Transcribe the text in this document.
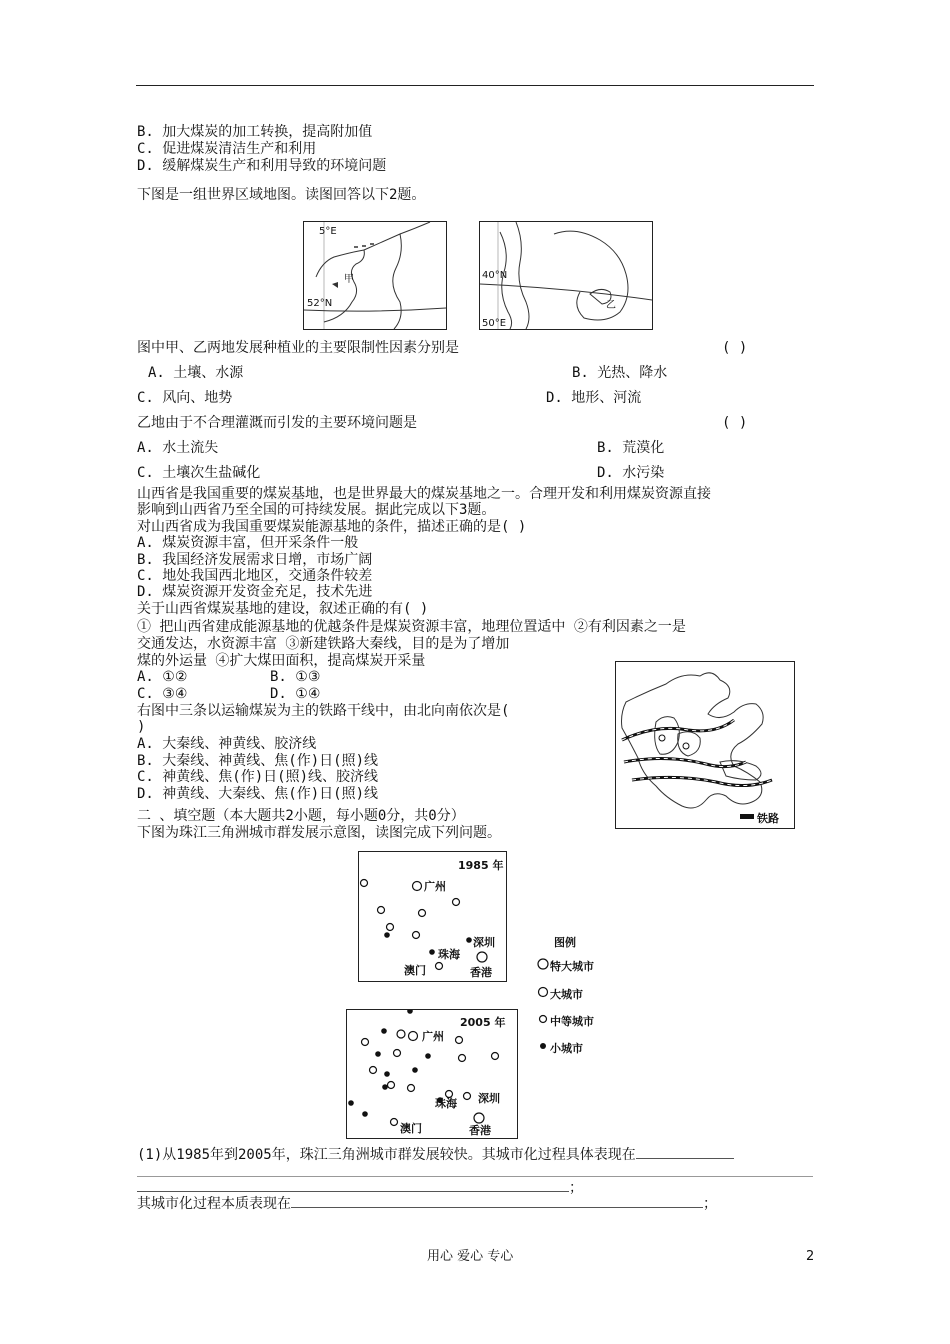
B. 加大煤炭的加工转换，提高附加值
C. 促进煤炭清洁生产和利用
D. 缓解煤炭生产和利用导致的环境问题
下图是一组世界区域地图。读图回答以下2题。
5°E
甲
52°N
40°N
乙
50°E
图中甲、乙两地发展种植业的主要限制性因素分别是	( )
A. 土壤、水源	B. 光热、降水
C. 风向、地势	D. 地形、河流
乙地由于不合理灌溉而引发的主要环境问题是	( )
A. 水土流失	B. 荒漠化
C. 土壤次生盐碱化	D. 水污染
山西省是我国重要的煤炭基地，也是世界最大的煤炭基地之一。合理开发和利用煤炭资源直接
影响到山西省乃至全国的可持续发展。据此完成以下3题。
对山西省成为我国重要煤炭能源基地的条件，描述正确的是( )
A. 煤炭资源丰富，但开采条件一般
B. 我国经济发展需求日增，市场广阔
C. 地处我国西北地区，交通条件较差
D. 煤炭资源开发资金充足，技术先进
关于山西省煤炭基地的建设，叙述正确的有( )
① 把山西省建成能源基地的优越条件是煤炭资源丰富，地理位置适中 ②有利因素之一是
交通发达，水资源丰富 ③新建铁路大秦线，目的是为了增加
煤的外运量 ④扩大煤田面积，提高煤炭开采量
A. ①②	B. ①③
C. ③④	D. ①④
右图中三条以运输煤炭为主的铁路干线中，由北向南依次是(
)
A. 大秦线、神黄线、胶济线
B. 大秦线、神黄线、焦(作)日(照)线
C. 神黄线、焦(作)日(照)线、胶济线
D. 神黄线、大秦线、焦(作)日(照)线
铁路
二 、填空题（本大题共2小题，每小题0分，共0分）
下图为珠江三角洲城市群发展示意图，读图完成下列问题。
1985 年
广州
深圳
珠海
澳门	香港
图例
特大城市
大城市
中等城市
小城市
2005 年
广州
深圳
珠海
澳门	香港
(1)从1985年到2005年，珠江三角洲城市群发展较快。其城市化过程具体表现在
；
其城市化过程本质表现在	；
用心 爱心 专心	2
